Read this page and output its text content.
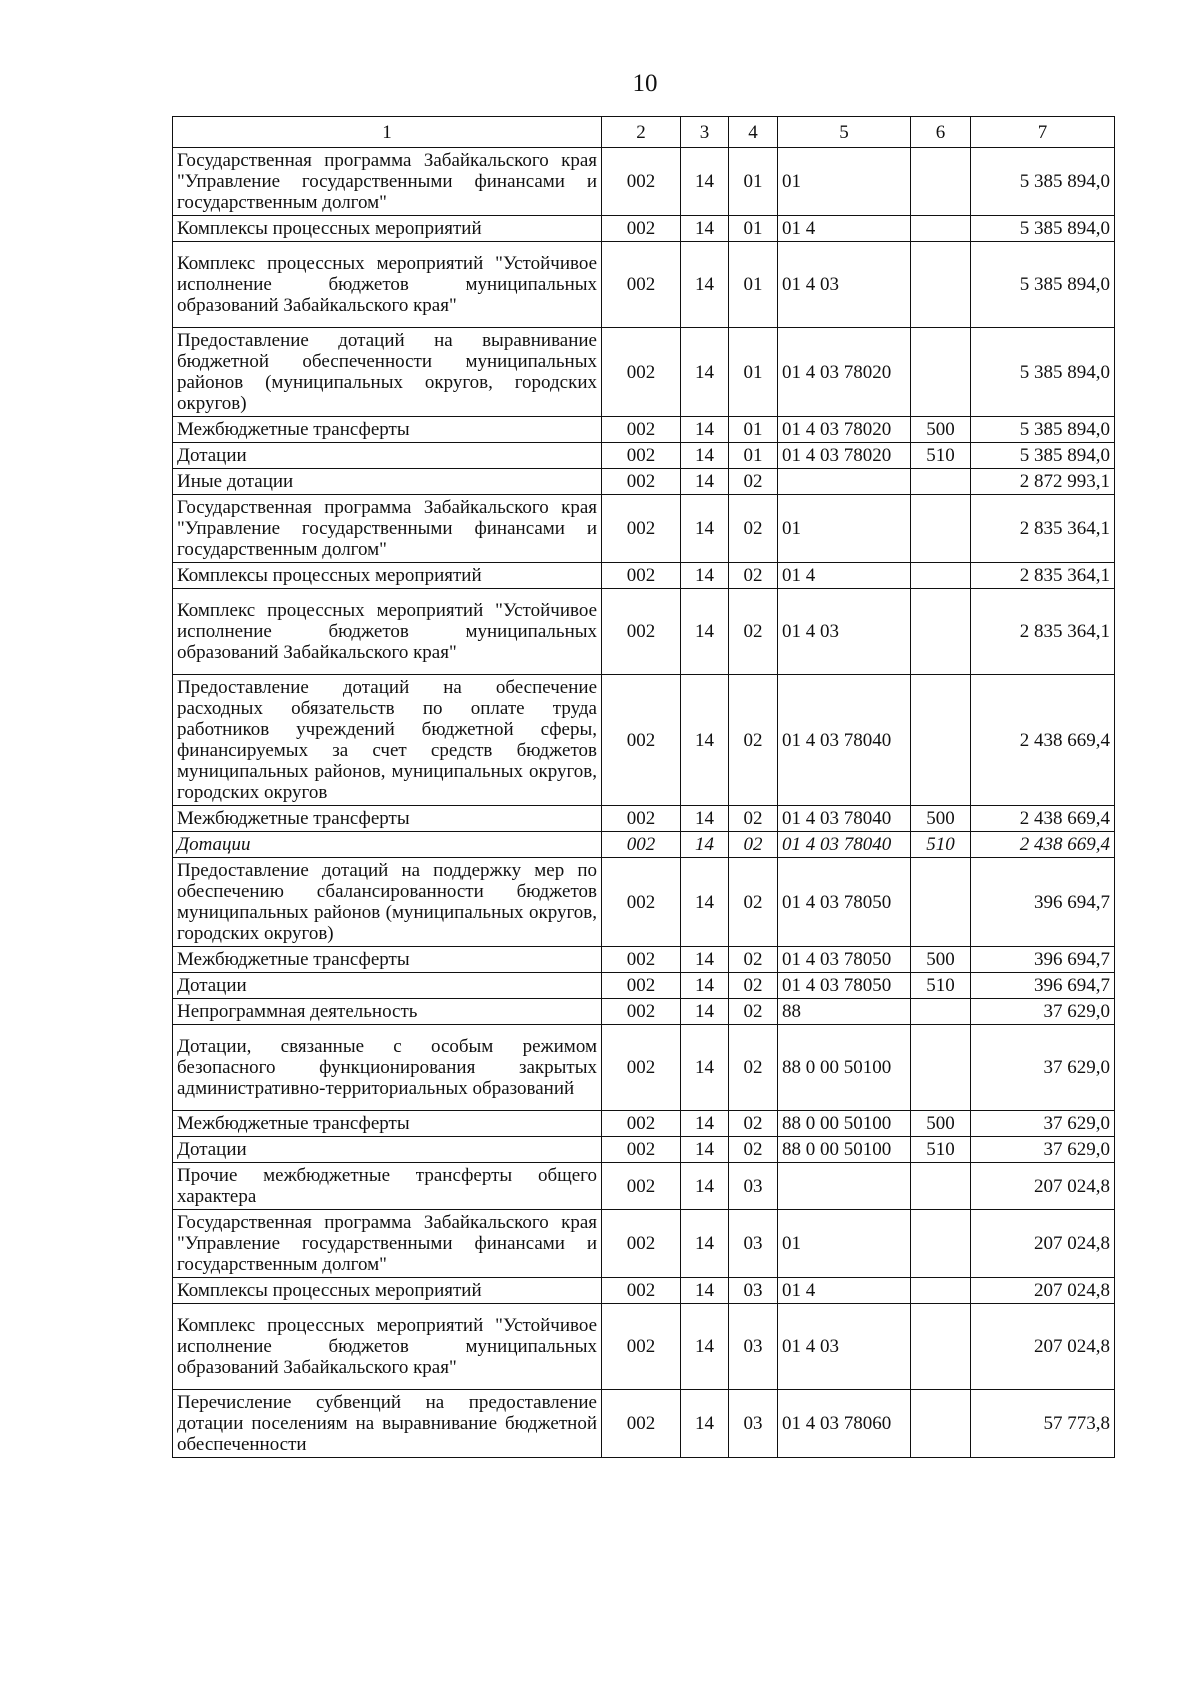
10
1	2	3	4	5	6	7
Государственная программа Забайкальского края "Управление государственными финансами и государственным долгом"	002	14	01	01		5 385 894,0
Комплексы процессных мероприятий	002	14	01	01 4		5 385 894,0
Комплекс процессных мероприятий "Устойчивое исполнение бюджетов муниципальных образований Забайкальского края"	002	14	01	01 4 03		5 385 894,0
Предоставление дотаций на выравнивание бюджетной обеспеченности муниципальных районов (муниципальных округов, городских округов)	002	14	01	01 4 03 78020		5 385 894,0
Межбюджетные трансферты	002	14	01	01 4 03 78020	500	5 385 894,0
Дотации	002	14	01	01 4 03 78020	510	5 385 894,0
Иные дотации	002	14	02			2 872 993,1
Государственная программа Забайкальского края "Управление государственными финансами и государственным долгом"	002	14	02	01		2 835 364,1
Комплексы процессных мероприятий	002	14	02	01 4		2 835 364,1
Комплекс процессных мероприятий "Устойчивое исполнение бюджетов муниципальных образований Забайкальского края"	002	14	02	01 4 03		2 835 364,1
Предоставление дотаций на обеспечение расходных обязательств по оплате труда работников учреждений бюджетной сферы, финансируемых за счет средств бюджетов муниципальных районов, муниципальных округов, городских округов	002	14	02	01 4 03 78040		2 438 669,4
Межбюджетные трансферты	002	14	02	01 4 03 78040	500	2 438 669,4
Дотации	002	14	02	01 4 03 78040	510	2 438 669,4
Предоставление дотаций на поддержку мер по обеспечению сбалансированности бюджетов муниципальных районов (муниципальных округов, городских округов)	002	14	02	01 4 03 78050		396 694,7
Межбюджетные трансферты	002	14	02	01 4 03 78050	500	396 694,7
Дотации	002	14	02	01 4 03 78050	510	396 694,7
Непрограммная деятельность	002	14	02	88		37 629,0
Дотации, связанные с особым режимом безопасного функционирования закрытых административно-территориальных образований	002	14	02	88 0 00 50100		37 629,0
Межбюджетные трансферты	002	14	02	88 0 00 50100	500	37 629,0
Дотации	002	14	02	88 0 00 50100	510	37 629,0
Прочие межбюджетные трансферты общего характера	002	14	03			207 024,8
Государственная программа Забайкальского края "Управление государственными финансами и государственным долгом"	002	14	03	01		207 024,8
Комплексы процессных мероприятий	002	14	03	01 4		207 024,8
Комплекс процессных мероприятий "Устойчивое исполнение бюджетов муниципальных образований Забайкальского края"	002	14	03	01 4 03		207 024,8
Перечисление субвенций на предоставление дотации поселениям на выравнивание бюджетной обеспеченности	002	14	03	01 4 03 78060		57 773,8
